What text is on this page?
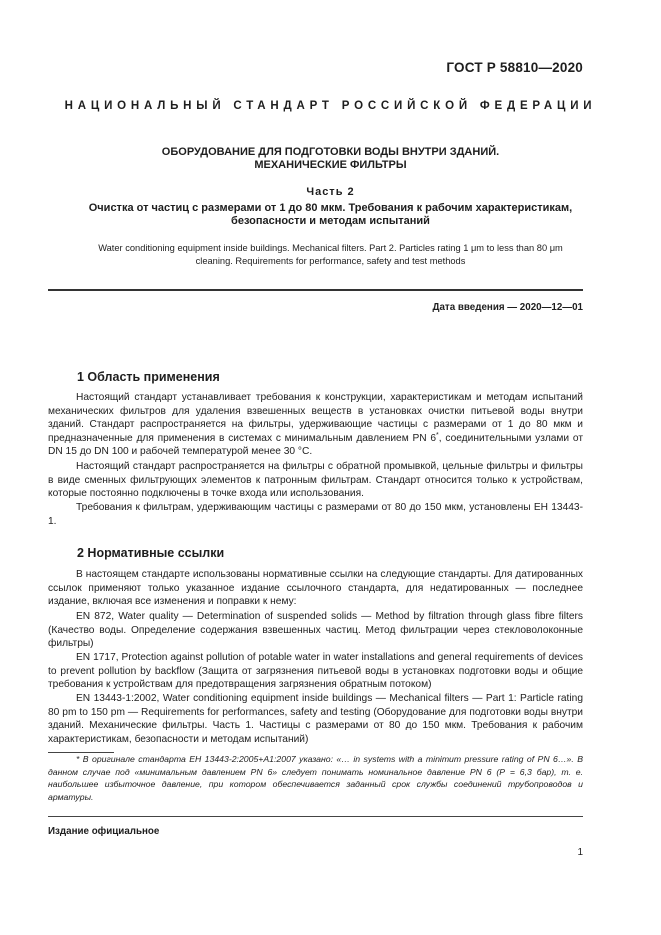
ГОСТ Р 58810—2020
НАЦИОНАЛЬНЫЙ СТАНДАРТ РОССИЙСКОЙ ФЕДЕРАЦИИ
ОБОРУДОВАНИЕ ДЛЯ ПОДГОТОВКИ ВОДЫ ВНУТРИ ЗДАНИЙ.
МЕХАНИЧЕСКИЕ ФИЛЬТРЫ
Часть 2
Очистка от частиц с размерами от 1 до 80 мкм. Требования к рабочим характеристикам,
безопасности и методам испытаний
Water conditioning equipment inside buildings. Mechanical filters. Part 2. Particles rating 1 μm to less than 80 μm
cleaning. Requirements for performance, safety and test methods
Дата введения — 2020—12—01
1 Область применения

Настоящий стандарт устанавливает требования к конструкции, характеристикам и методам испытаний механических фильтров для удаления взвешенных веществ в установках очистки питьевой воды внутри зданий. Стандарт распространяется на фильтры, удерживающие частицы с размерами от 1 до 80 мкм и предназначенные для применения в системах с минимальным давлением PN 6*, соединительными узлами от DN 15 до DN 100 и рабочей температурой менее 30 °С.

Настоящий стандарт распространяется на фильтры с обратной промывкой, цельные фильтры и фильтры в виде сменных фильтрующих элементов к патронным фильтрам. Стандарт относится только к устройствам, которые постоянно подключены в точке входа или использования.

Требования к фильтрам, удерживающим частицы с размерами от 80 до 150 мкм, установлены ЕН 13443-1.

2 Нормативные ссылки

В настоящем стандарте использованы нормативные ссылки на следующие стандарты. Для датированных ссылок применяют только указанное издание ссылочного стандарта, для недатированных — последнее издание, включая все изменения и поправки к нему:

EN 872, Water quality — Determination of suspended solids — Method by filtration through glass fibre filters (Качество воды. Определение содержания взвешенных частиц. Метод фильтрации через стекловолоконные фильтры)

EN 1717, Protection against pollution of potable water in water installations and general requirements of devices to prevent pollution by backflow (Защита от загрязнения питьевой воды в установках подготовки воды и общие требования к устройствам для предотвращения загрязнения обратным потоком)

EN 13443-1:2002, Water conditioning equipment inside buildings — Mechanical filters — Part 1: Particle rating 80 pm to 150 pm — Requirements for performances, safety and testing (Оборудование для подготовки воды внутри зданий. Механические фильтры. Часть 1. Частицы с размерами от 80 до 150 мкм. Требования к рабочим характеристикам, безопасности и методам испытаний)

* В оригинале стандарта ЕН 13443-2:2005+А1:2007 указано: «… in systems with a minimum pressure rating of PN 6…». В данном случае под «минимальным давлением PN 6» следует понимать номинальное давление PN 6 (Р = 6,3 бар), т. е. наибольшее избыточное давление, при котором обеспечивается заданный срок службы соединений трубопроводов и арматуры.

Издание официальное
1
